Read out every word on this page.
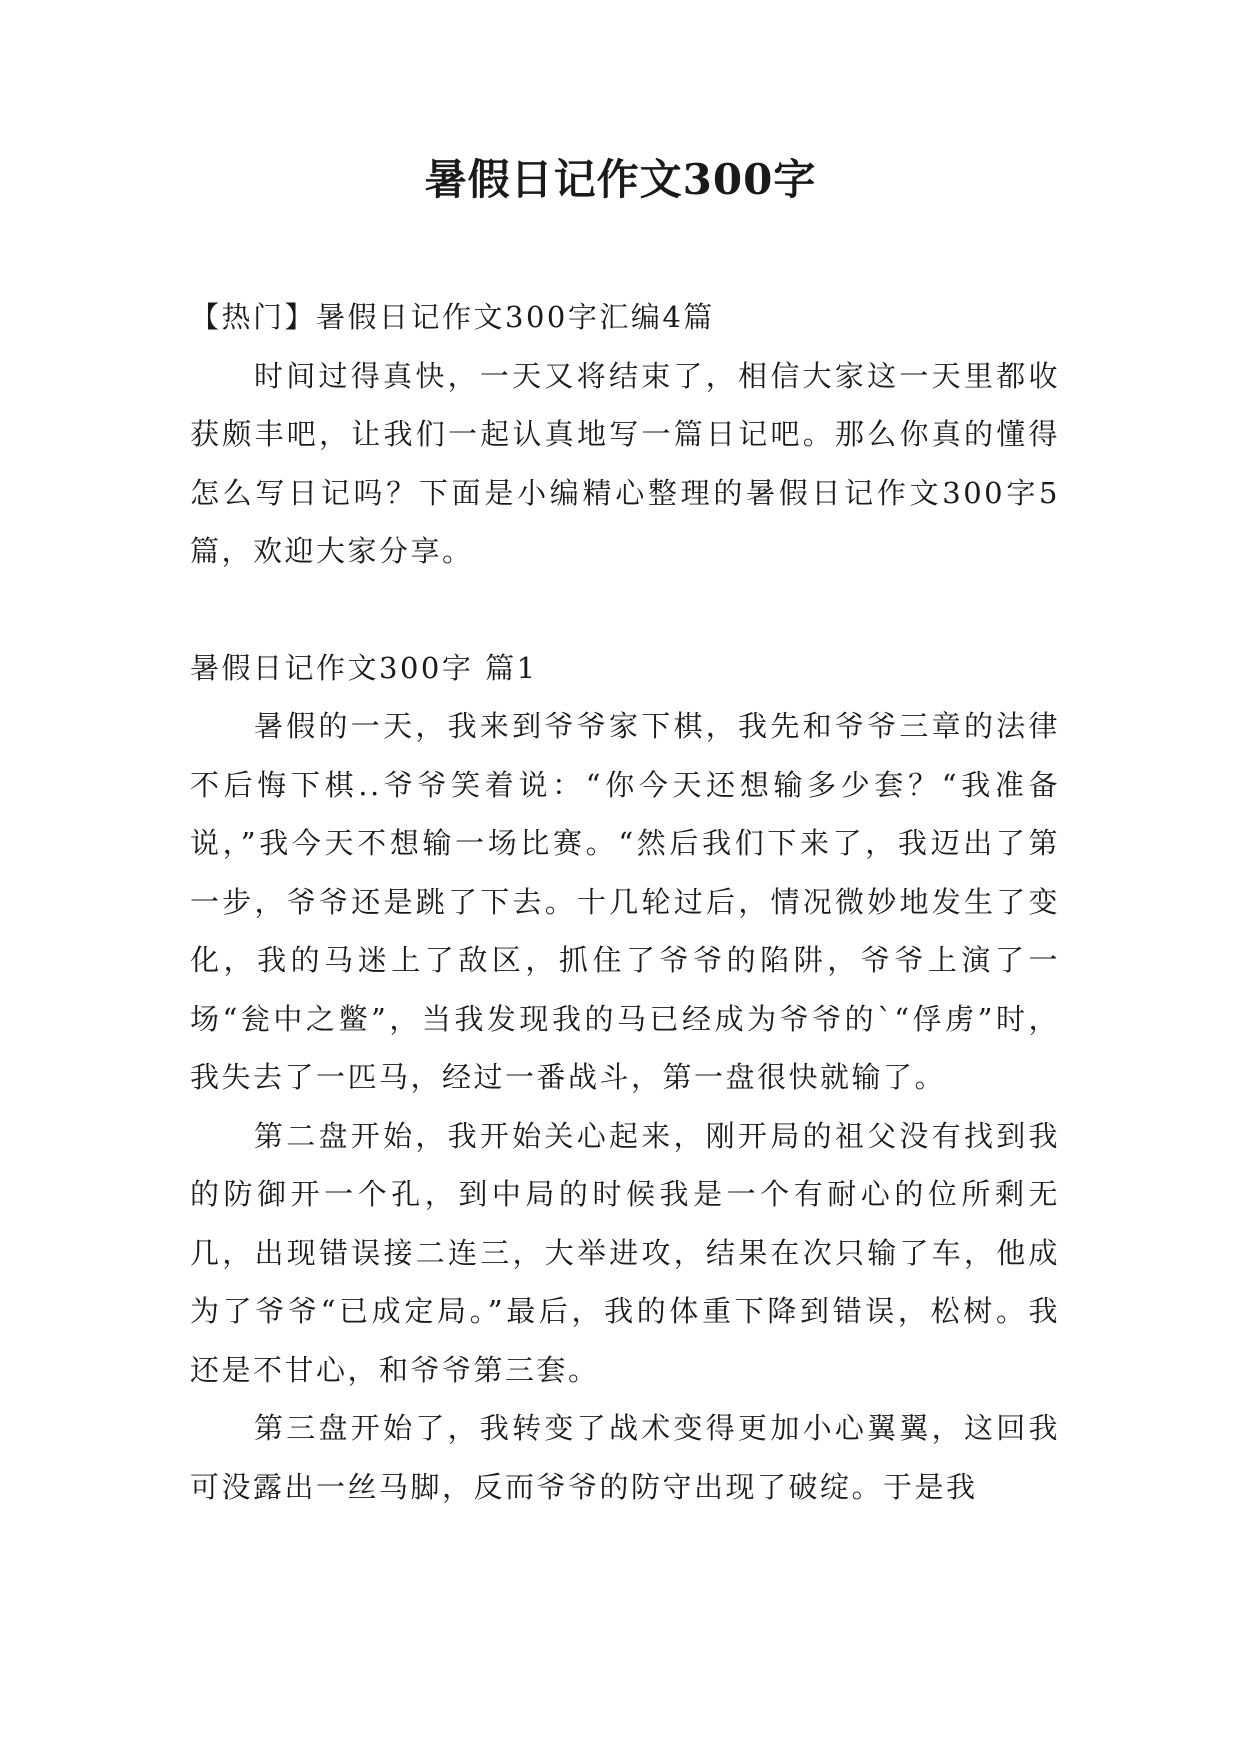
暑假日记作文300字

【热门】暑假日记作文300字汇编4篇

时间过得真快，一天又将结束了，相信大家这一天里都收获颇丰吧，让我们一起认真地写一篇日记吧。那么你真的懂得怎么写日记吗？下面是小编精心整理的暑假日记作文300字5篇，欢迎大家分享。

暑假日记作文300字 篇1

暑假的一天，我来到爷爷家下棋，我先和爷爷三章的法律不后悔下棋..爷爷笑着说：“你今天还想输多少套？“我准备说，”我今天不想输一场比赛。“然后我们下来了，我迈出了第一步，爷爷还是跳了下去。十几轮过后，情况微妙地发生了变化，我的马迷上了敌区，抓住了爷爷的陷阱，爷爷上演了一场“瓮中之鳖”，当我发现我的马已经成为爷爷的`“俘虏”时，我失去了一匹马，经过一番战斗，第一盘很快就输了。

第二盘开始，我开始关心起来，刚开局的祖父没有找到我的防御开一个孔，到中局的时候我是一个有耐心的位所剩无几，出现错误接二连三，大举进攻，结果在次只输了车，他成为了爷爷“已成定局。”最后，我的体重下降到错误，松树。我还是不甘心，和爷爷第三套。

第三盘开始了，我转变了战术变得更加小心翼翼，这回我可没露出一丝马脚，反而爷爷的防守出现了破绽。于是我
